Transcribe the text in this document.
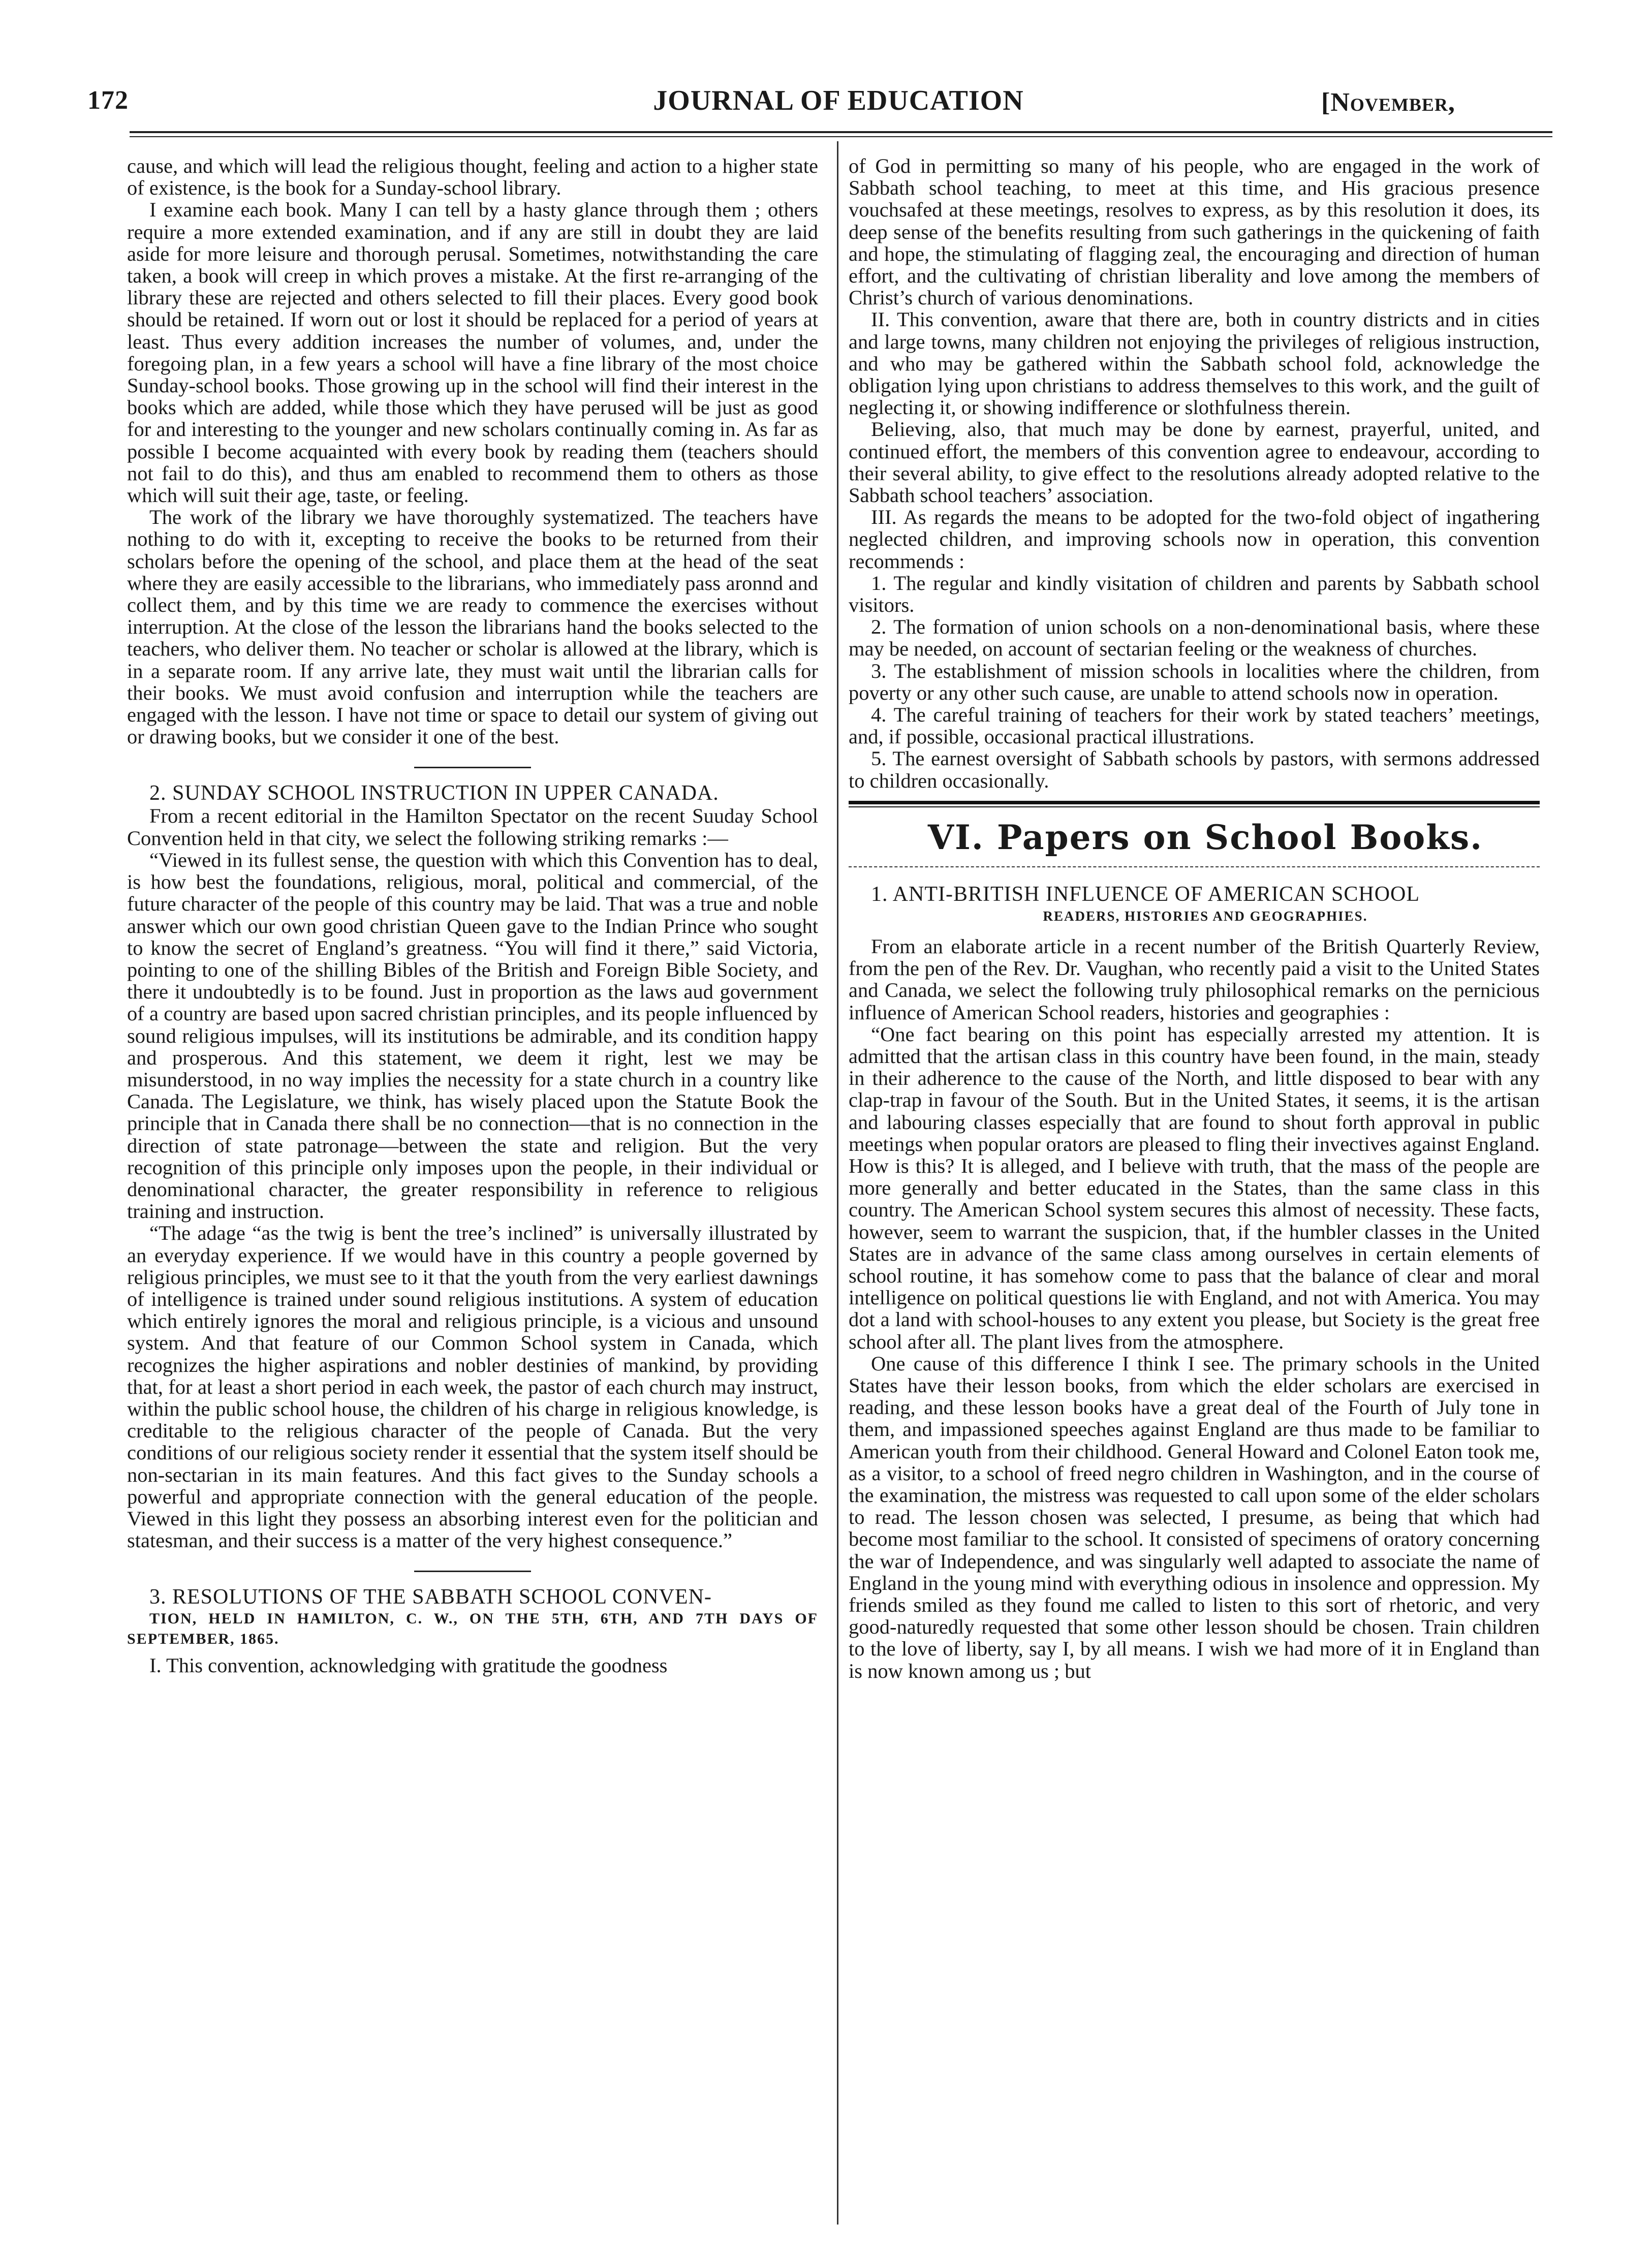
172	JOURNAL OF EDUCATION	[November,

cause, and which will lead the religious thought, feeling and action to a higher state of existence, is the book for a Sunday-school library.

I examine each book. Many I can tell by a hasty glance through them ; others require a more extended examination, and if any are still in doubt they are laid aside for more leisure and thorough perusal. Sometimes, notwithstanding the care taken, a book will creep in which proves a mistake. At the first re-arranging of the library these are rejected and others selected to fill their places. Every good book should be retained. If worn out or lost it should be replaced for a period of years at least. Thus every addition increases the number of volumes, and, under the foregoing plan, in a few years a school will have a fine library of the most choice Sunday-school books. Those growing up in the school will find their interest in the books which are added, while those which they have perused will be just as good for and interesting to the younger and new scholars continually coming in. As far as possible I become acquainted with every book by reading them (teachers should not fail to do this), and thus am enabled to recommend them to others as those which will suit their age, taste, or feeling.

The work of the library we have thoroughly systematized. The teachers have nothing to do with it, excepting to receive the books to be returned from their scholars before the opening of the school, and place them at the head of the seat where they are easily accessible to the librarians, who immediately pass aronnd and collect them, and by this time we are ready to commence the exercises without interruption. At the close of the lesson the librarians hand the books selected to the teachers, who deliver them. No teacher or scholar is allowed at the library, which is in a separate room. If any arrive late, they must wait until the librarian calls for their books. We must avoid confusion and interruption while the teachers are engaged with the lesson. I have not time or space to detail our system of giving out or drawing books, but we consider it one of the best.

2. SUNDAY SCHOOL INSTRUCTION IN UPPER CANADA.

From a recent editorial in the Hamilton Spectator on the recent Suuday School Convention held in that city, we select the following striking remarks :—

“Viewed in its fullest sense, the question with which this Convention has to deal, is how best the foundations, religious, moral, political and commercial, of the future character of the people of this country may be laid. That was a true and noble answer which our own good christian Queen gave to the Indian Prince who sought to know the secret of England’s greatness. “You will find it there,” said Victoria, pointing to one of the shilling Bibles of the British and Foreign Bible Society, and there it undoubtedly is to be found. Just in proportion as the laws aud government of a country are based upon sacred christian principles, and its people influenced by sound religious impulses, will its institutions be admirable, and its condition happy and prosperous. And this statement, we deem it right, lest we may be misunderstood, in no way implies the necessity for a state church in a country like Canada. The Legislature, we think, has wisely placed upon the Statute Book the principle that in Canada there shall be no connection—that is no connection in the direction of state patronage—between the state and religion. But the very recognition of this principle only imposes upon the people, in their individual or denominational character, the greater responsibility in reference to religious training and instruction.

“The adage “as the twig is bent the tree’s inclined” is universally illustrated by an everyday experience. If we would have in this country a people governed by religious principles, we must see to it that the youth from the very earliest dawnings of intelligence is trained under sound religious institutions. A system of education which entirely ignores the moral and religious principle, is a vicious and unsound system. And that feature of our Common School system in Canada, which recognizes the higher aspirations and nobler destinies of mankind, by providing that, for at least a short period in each week, the pastor of each church may instruct, within the public school house, the children of his charge in religious knowledge, is creditable to the religious character of the people of Canada. But the very conditions of our religious society render it essential that the system itself should be non-sectarian in its main features. And this fact gives to the Sunday schools a powerful and appropriate connection with the general education of the people. Viewed in this light they possess an absorbing interest even for the politician and statesman, and their success is a matter of the very highest consequence.”

3. RESOLUTIONS OF THE SABBATH SCHOOL CONVEN-

TION, HELD IN HAMILTON, C. W., ON THE 5TH, 6TH, AND 7TH DAYS OF SEPTEMBER, 1865.

I. This convention, acknowledging with gratitude the goodness

of God in permitting so many of his people, who are engaged in the work of Sabbath school teaching, to meet at this time, and His gracious presence vouchsafed at these meetings, resolves to express, as by this resolution it does, its deep sense of the benefits resulting from such gatherings in the quickening of faith and hope, the stimulating of flagging zeal, the encouraging and direction of human effort, and the cultivating of christian liberality and love among the members of Christ’s church of various denominations.

II. This convention, aware that there are, both in country districts and in cities and large towns, many children not enjoying the privileges of religious instruction, and who may be gathered within the Sabbath school fold, acknowledge the obligation lying upon christians to address themselves to this work, and the guilt of neglecting it, or showing indifference or slothfulness therein.

Believing, also, that much may be done by earnest, prayerful, united, and continued effort, the members of this convention agree to endeavour, according to their several ability, to give effect to the resolutions already adopted relative to the Sabbath school teachers’ association.

III. As regards the means to be adopted for the two-fold object of ingathering neglected children, and improving schools now in operation, this convention recommends :

1. The regular and kindly visitation of children and parents by Sabbath school visitors.

2. The formation of union schools on a non-denominational basis, where these may be needed, on account of sectarian feeling or the weakness of churches.

3. The establishment of mission schools in localities where the children, from poverty or any other such cause, are unable to attend schools now in operation.

4. The careful training of teachers for their work by stated teachers’ meetings, and, if possible, occasional practical illustrations.

5. The earnest oversight of Sabbath schools by pastors, with sermons addressed to children occasionally.

VI. Papers on School Books.

1. ANTI-BRITISH INFLUENCE OF AMERICAN SCHOOL

READERS, HISTORIES AND GEOGRAPHIES.

From an elaborate article in a recent number of the British Quarterly Review, from the pen of the Rev. Dr. Vaughan, who recently paid a visit to the United States and Canada, we select the following truly philosophical remarks on the pernicious influence of American School readers, histories and geographies :

“One fact bearing on this point has especially arrested my attention. It is admitted that the artisan class in this country have been found, in the main, steady in their adherence to the cause of the North, and little disposed to bear with any clap-trap in favour of the South. But in the United States, it seems, it is the artisan and labouring classes especially that are found to shout forth approval in public meetings when popular orators are pleased to fling their invectives against England. How is this? It is alleged, and I believe with truth, that the mass of the people are more generally and better educated in the States, than the same class in this country. The American School system secures this almost of necessity. These facts, however, seem to warrant the suspicion, that, if the humbler classes in the United States are in advance of the same class among ourselves in certain elements of school routine, it has somehow come to pass that the balance of clear and moral intelligence on political questions lie with England, and not with America. You may dot a land with school-houses to any extent you please, but Society is the great free school after all. The plant lives from the atmosphere.

One cause of this difference I think I see. The primary schools in the United States have their lesson books, from which the elder scholars are exercised in reading, and these lesson books have a great deal of the Fourth of July tone in them, and impassioned speeches against England are thus made to be familiar to American youth from their childhood. General Howard and Colonel Eaton took me, as a visitor, to a school of freed negro children in Washington, and in the course of the examination, the mistress was requested to call upon some of the elder scholars to read. The lesson chosen was selected, I presume, as being that which had become most familiar to the school. It consisted of specimens of oratory concerning the war of Independence, and was singularly well adapted to associate the name of England in the young mind with everything odious in insolence and oppression. My friends smiled as they found me called to listen to this sort of rhetoric, and very good-naturedly requested that some other lesson should be chosen. Train children to the love of liberty, say I, by all means. I wish we had more of it in England than is now known among us ; but
